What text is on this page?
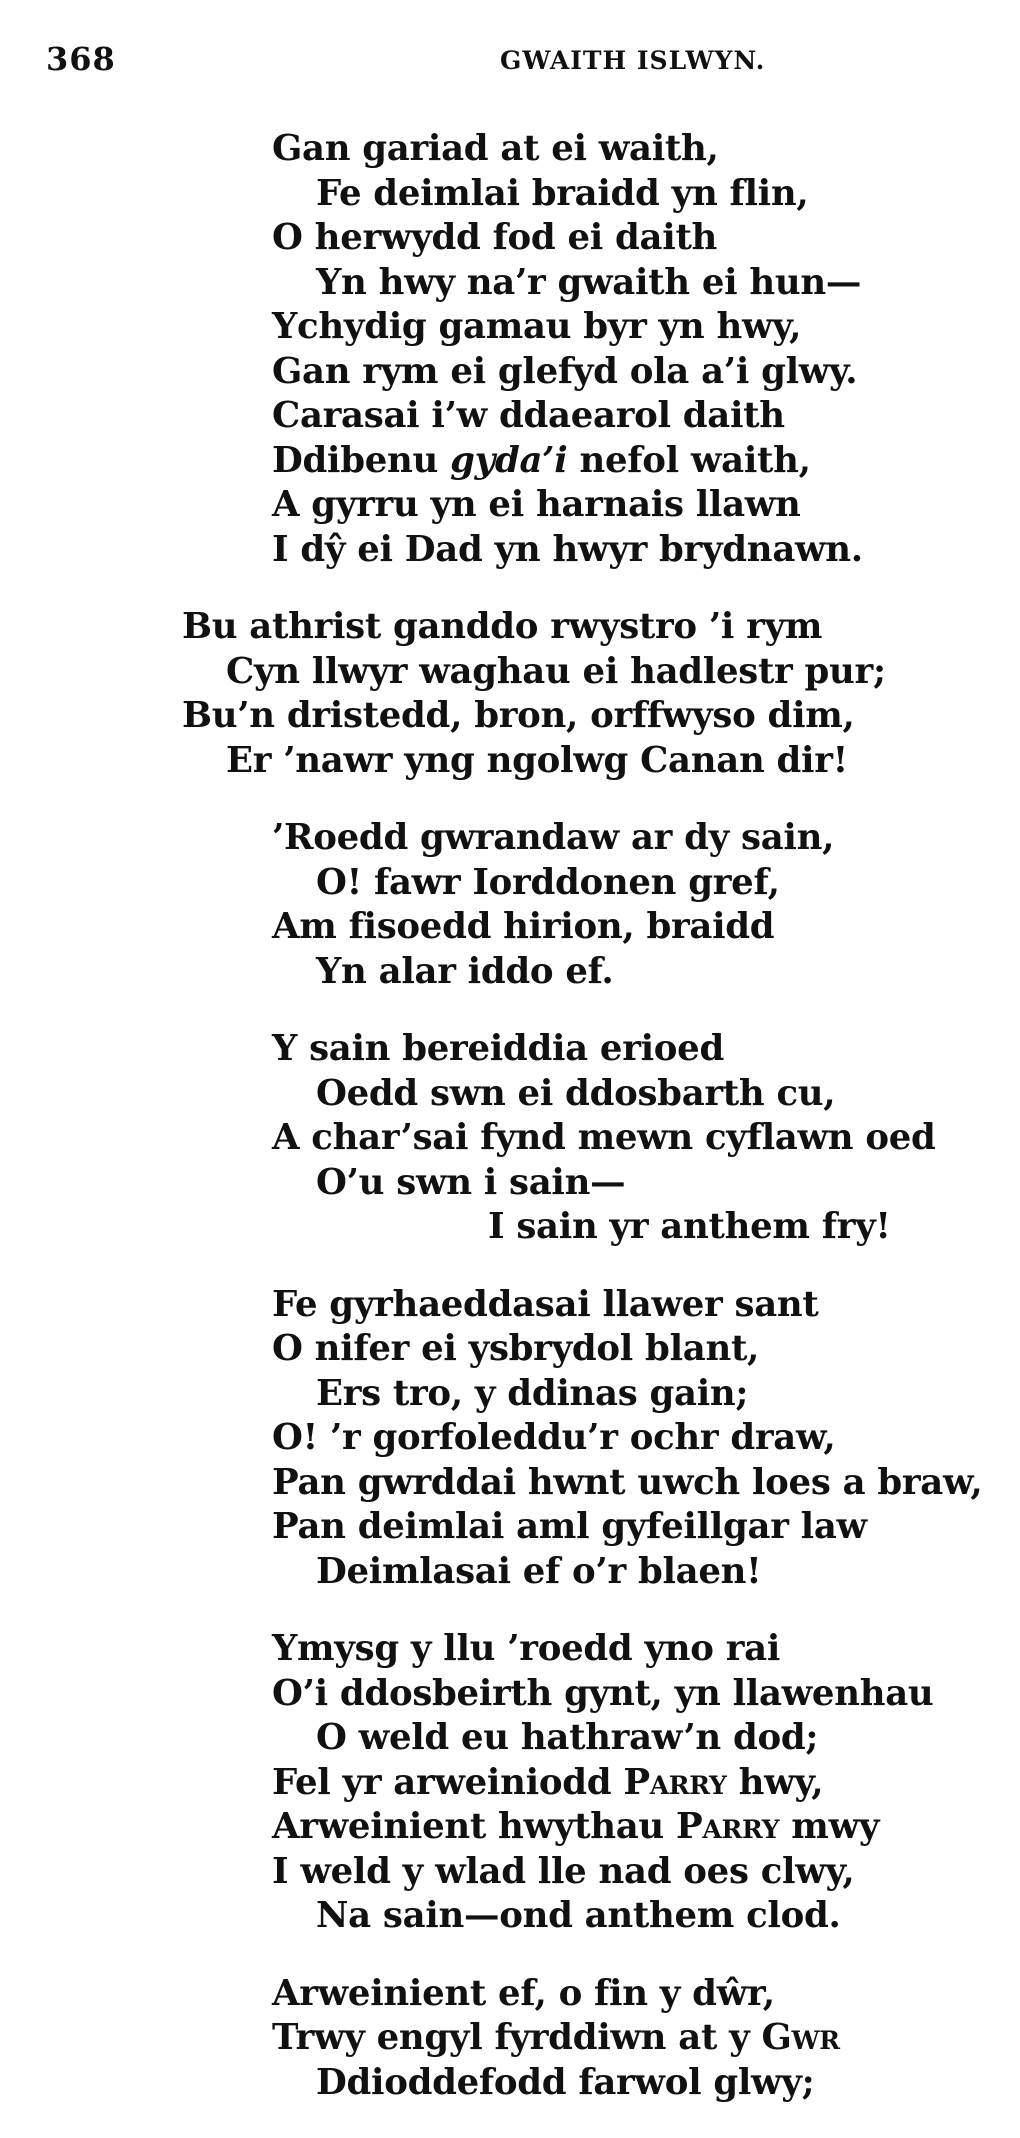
368	GWAITH ISLWYN.
Gan gariad at ei waith,
Fe deimlai braidd yn flin,
O herwydd fod ei daith
Yn hwy na’r gwaith ei hun—
Ychydig gamau byr yn hwy,
Gan rym ei glefyd ola a’i glwy.
Carasai i’w ddaearol daith
Ddibenu gyda’i nefol waith,
A gyrru yn ei harnais llawn
I dŷ ei Dad yn hwyr brydnawn.
Bu athrist ganddo rwystro ’i rym
Cyn llwyr waghau ei hadlestr pur;
Bu’n dristedd, bron, orffwyso dim,
Er ’nawr yng ngolwg Canan dir!
’Roedd gwrandaw ar dy sain,
O! fawr Iorddonen gref,
Am fisoedd hirion, braidd
Yn alar iddo ef.
Y sain bereiddia erioed
Oedd swn ei ddosbarth cu,
A char’sai fynd mewn cyflawn oed
O’u swn i sain—
I sain yr anthem fry!
Fe gyrhaeddasai llawer sant
O nifer ei ysbrydol blant,
Ers tro, y ddinas gain;
O! ’r gorfoleddu’r ochr draw,
Pan gwrddai hwnt uwch loes a braw,
Pan deimlai aml gyfeillgar law
Deimlasai ef o’r blaen!
Ymysg y llu ’roedd yno rai
O’i ddosbeirth gynt, yn llawenhau
O weld eu hathraw’n dod;
Fel yr arweiniodd Parry hwy,
Arweinient hwythau Parry mwy
I weld y wlad lle nad oes clwy,
Na sain—ond anthem clod.
Arweinient ef, o fin y dŵr,
Trwy engyl fyrddiwn at y Gwr
Ddioddefodd farwol glwy;
